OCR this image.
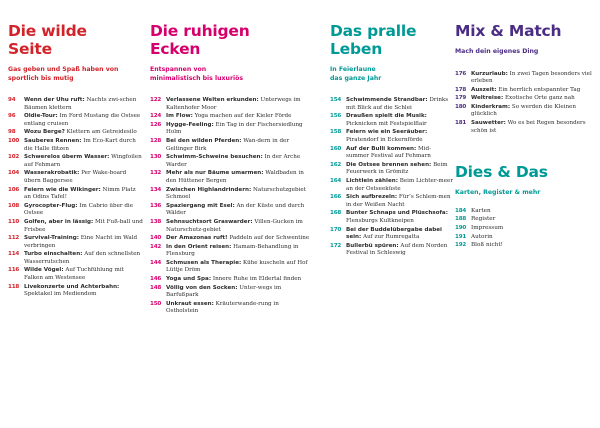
Die wilde
Seite

Gas geben und Spaß haben von
sportlich bis mutig

94	Wenn der Uhu ruft: Nachts zwi-schen Bäumen klettern
96	Oldie-Tour: Im Ford Mustang die Ostsee entlang cruisen
98	Wozu Berge? Klettern am Getreidesilo
100 Sauberes Rennen: Im Eco-Kart durch die Halle flitzen
102 Schwerelos überm Wasser: Wingfoilen auf Fehmarn
104 Wasserakrobatik: Per Wake-board übern Baggersee
106 Feiern wie die Wikinger: Nimm Platz an Odins Tafel!
108 Gyrocopter-Flug: Im Cabrio über die Ostsee
110 Golfen, aber in lässig: Mit Fuß-ball und Frisbee
112 Survival-Training: Eine Nacht im Wald verbringen
114 Turbo einschalten: Auf den schnellsten Wasserrutschen
116 Wilde Vögel: Auf Tuchfühlung mit Falken am Westensee
118 Livekonzerte und Achterbahn: Spektakel im Mediendom
Die ruhigen
Ecken

Entspannen von
minimalistisch bis luxuriös

122 Verlassene Welten erkunden: Unterwegs im Kaltenhofer Moor
124 Im Flow: Yoga machen auf der Kieler Förde
126 Hygge-Feeling: Ein Tag in der Fischersiedlung Holm
128 Bei den wilden Pferden: Wan-dern in der Geltinger Birk
130 Schwimm-Schweine besuchen: In der Arche Warder
132 Mehr als nur Bäume umarmen: Waldbaden in den Hüttener Bergen
134 Zwischen Highlandrindern: Naturschutzgebiet Schmoel
136 Spaziergang mit Esel: An der Küste und durch Wälder
138 Sehnsuchtsort Graswarder: Villen-Gucken im Naturschutz-gebiet
140 Der Amazonas ruft! Paddeln auf der Schwentine
142 In den Orient reisen: Hamam-Behandlung in Flensburg
144 Schmusen als Therapie: Kühe kuscheln auf Hof Lüttje Dröm
146 Yoga und Spa: Innere Ruhe im Eldertal finden
148 Völlig von den Socken: Unter-wegs im Barfußpark
150 Unkraut essen: Kräuterwande-rung in Ostholstein
Das pralle
Leben

In Feierlaune
das ganze Jahr

154 Schwimmende Strandbar: Drinks mit Blick auf die Schlei
156 Draußen spielt die Musik: Picknicken mit Festspielflair
158 Feiern wie ein Seeräuber: Piratendorf in Eckernförde
160 Auf der Bulli kommen: Mid-summer Festival auf Fehmarn
162 Die Ostsee brennen sehen: Beim Feuerwerk in Grömitz
164 Lichtlein zählen: Beim Lichter-meer an der Ostseeküste
166 Sich aufbrezeln: Für’s Schlem-men in der Weißen Nacht
168 Bunter Schnaps und Plüschsofa: Flensburgs Kultkneipen
170 Bei der Buddelübergabe dabei sein: Auf zur Rumregatta
172 Bullerbü spüren: Auf dem Norden Festival in Schleswig
Mix & Match

Mach dein eigenes Ding

176 Kurzurlaub: In zwei Tagen besonders viel erleben
178 Auszeit: Ein herrlich entspannter Tag
179 Weltreise: Exotische Orte ganz nah
180 Kinderkram: So werden die Kleinen glücklich
181 Sauwetter: Wo es bei Regen besonders schön ist
Dies & Das

Karten, Register & mehr

184 Karten
188 Register
190 Impressum
191 Autorin
192 Bloß nicht!
